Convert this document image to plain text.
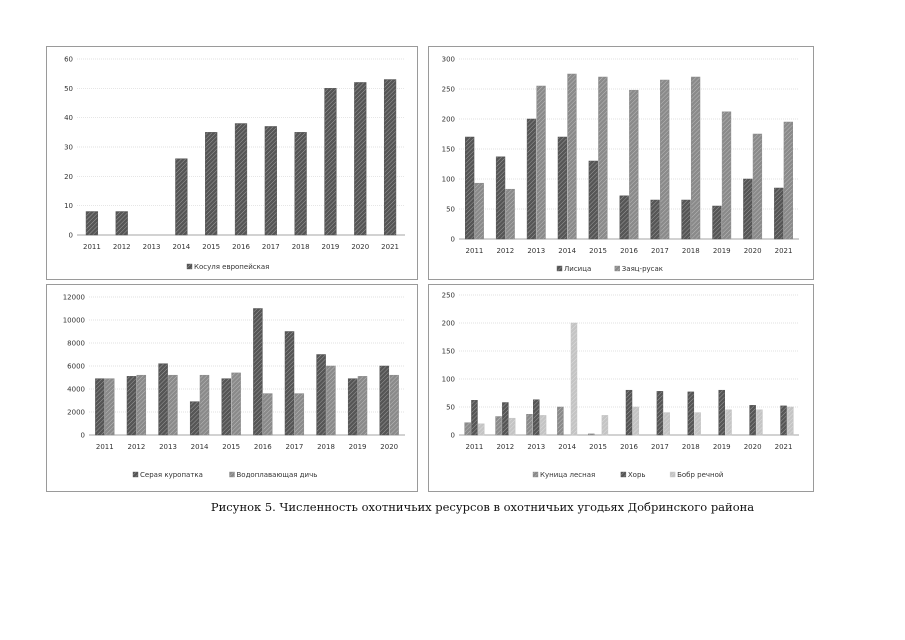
0
10
20
30
40
50
60
2011 2012 2013 2014 2015 2016 2017 2018 2019 2020 2021
Косуля европейская
0
50
100
150
200
250
300
2011 2012 2013 2014 2015 2016 2017 2018 2019 2020 2021
Лисица	Заяц-русак
0
2000
4000
6000
8000
10000
12000
2011 2012 2013 2014 2015 2016 2017 2018 2019 2020
Серая куропатка	Водоплавающая дичь
0
50
100
150
200
250
2011 2012 2013 2014 2015 2016 2017 2018 2019 2020 2021
Куница лесная	Хорь	Бобр речной
Рисунок 5. Численность охотничьих ресурсов в охотничьих угодьях Добринского района
